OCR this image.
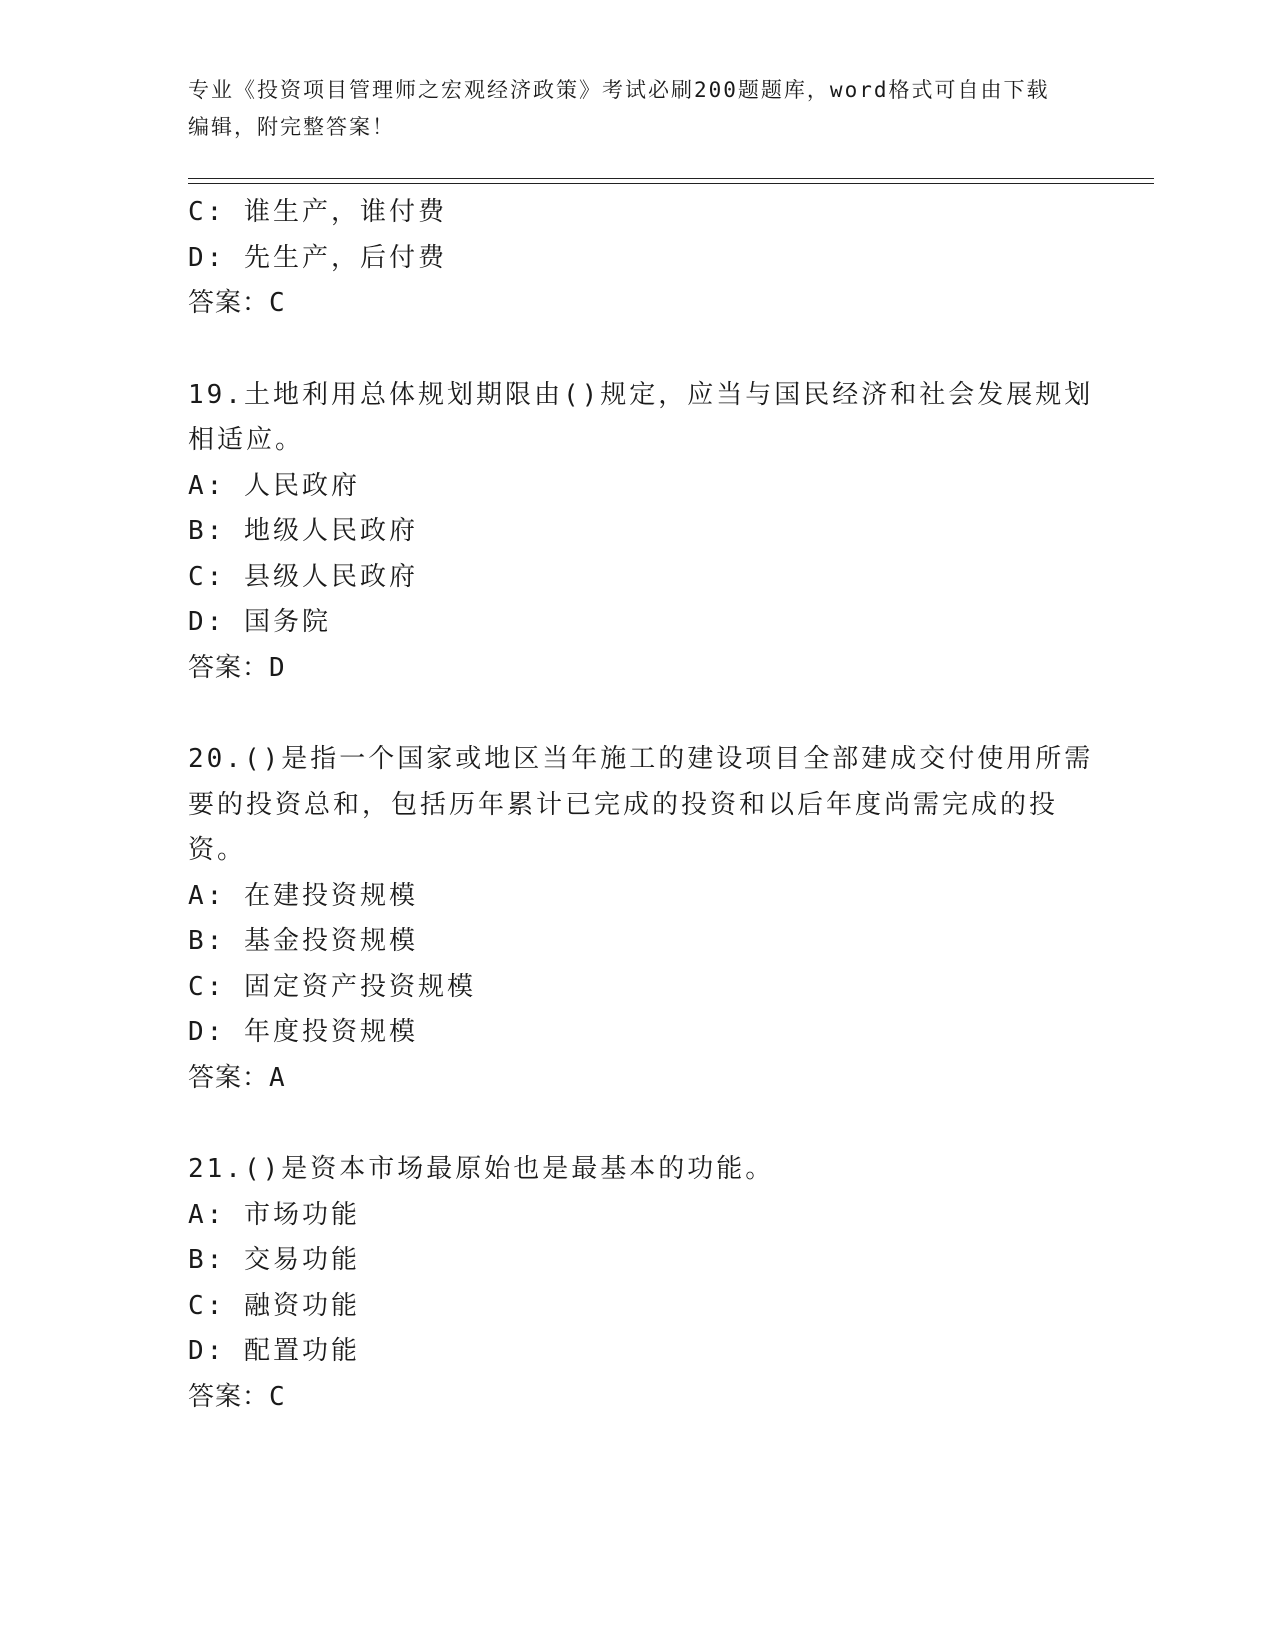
专业《投资项目管理师之宏观经济政策》考试必刷200题题库，word格式可自由下载编辑，附完整答案！
C: 谁生产，谁付费
D: 先生产，后付费
答案：C
19.土地利用总体规划期限由()规定，应当与国民经济和社会发展规划
相适应。
A: 人民政府
B: 地级人民政府
C: 县级人民政府
D: 国务院
答案：D
20.()是指一个国家或地区当年施工的建设项目全部建成交付使用所需
要的投资总和，包括历年累计已完成的投资和以后年度尚需完成的投
资。
A: 在建投资规模
B: 基金投资规模
C: 固定资产投资规模
D: 年度投资规模
答案：A
21.()是资本市场最原始也是最基本的功能。
A: 市场功能
B: 交易功能
C: 融资功能
D: 配置功能
答案：C
